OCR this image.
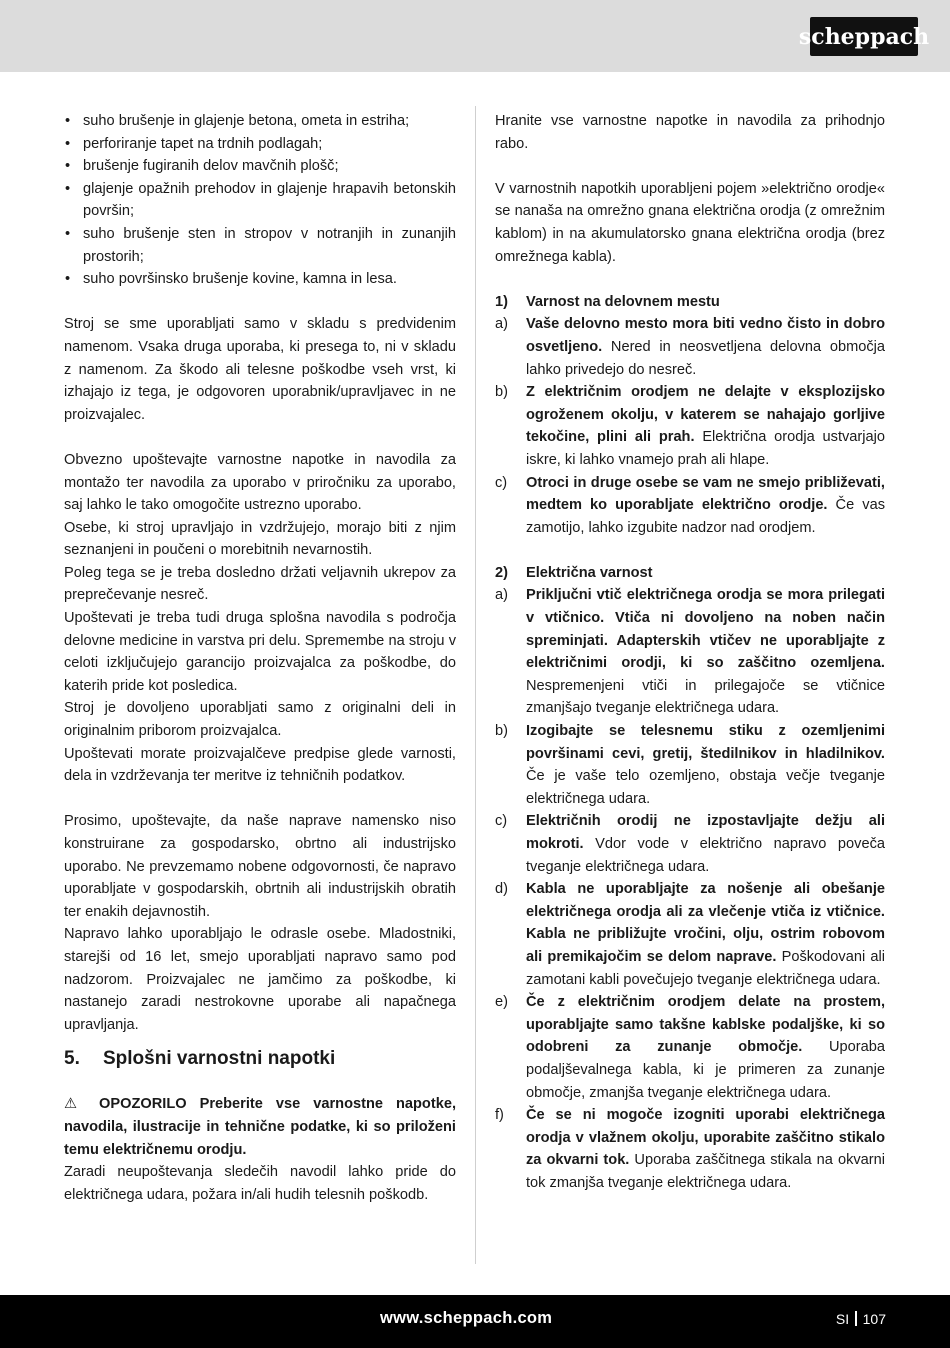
scheppach
• suho brušenje in glajenje betona, ometa in estriha;
• perforiranje tapet na trdnih podlagah;
• brušenje fugiranih delov mavčnih plošč;
• glajenje opažnih prehodov in glajenje hrapavih betonskih površin;
• suho brušenje sten in stropov v notranjih in zunanjih prostorih;
• suho površinsko brušenje kovine, kamna in lesa.

Stroj se sme uporabljati samo v skladu s predvidenim namenom. Vsaka druga uporaba, ki presega to, ni v skladu z namenom. Za škodo ali telesne poškodbe vseh vrst, ki izhajajo iz tega, je odgovoren uporabnik/upravljavec in ne proizvajalec.

Obvezno upoštevajte varnostne napotke in navodila za montažo ter navodila za uporabo v priročniku za uporabo, saj lahko le tako omogočite ustrezno uporabo.

Osebe, ki stroj upravljajo in vzdržujejo, morajo biti z njim seznanjeni in poučeni o morebitnih nevarnostih.

Poleg tega se je treba dosledno držati veljavnih ukrepov za preprečevanje nesreč.

Upoštevati je treba tudi druga splošna navodila s področja delovne medicine in varstva pri delu. Spremembe na stroju v celoti izključujejo garancijo proizvajalca za poškodbe, do katerih pride kot posledica.

Stroj je dovoljeno uporabljati samo z originalni deli in originalnim priborom proizvajalca.

Upoštevati morate proizvajalčeve predpise glede varnosti, dela in vzdrževanja ter meritve iz tehničnih podatkov.

Prosimo, upoštevajte, da naše naprave namensko niso konstruirane za gospodarsko, obrtno ali industrijsko uporabo. Ne prevzemamo nobene odgovornosti, če napravo uporabljate v gospodarskih, obrtnih ali industrijskih obratih ter enakih dejavnostih.

Napravo lahko uporabljajo le odrasle osebe. Mladostniki, starejši od 16 let, smejo uporabljati napravo samo pod nadzorom. Proizvajalec ne jamčimo za poškodbe, ki nastanejo zaradi nestrokovne uporabe ali napačnega upravljanja.

5. Splošni varnostni napotki

⚠ OPOZORILO Preberite vse varnostne napotke, navodila, ilustracije in tehnične podatke, ki so priloženi temu električnemu orodju.

Zaradi neupoštevanja sledečih navodil lahko pride do električnega udara, požara in/ali hudih telesnih poškodb.

Hranite vse varnostne napotke in navodila za prihodnjo rabo.

V varnostnih napotkih uporabljeni pojem »električno orodje« se nanaša na omrežno gnana električna orodja (z omrežnim kablom) in na akumulatorsko gnana električna orodja (brez omrežnega kabla).

1)	Varnost na delovnem mestu
a)	Vaše delovno mesto mora biti vedno čisto in dobro osvetljeno. Nered in neosvetljena delovna območja lahko privedejo do nesreč.
b)	Z električnim orodjem ne delajte v eksplozijsko ogroženem okolju, v katerem se nahajajo gorljive tekočine, plini ali prah. Električna orodja ustvarjajo iskre, ki lahko vnamejo prah ali hlape.
c)	Otroci in druge osebe se vam ne smejo približevati, medtem ko uporabljate električno orodje. Če vas zamotijo, lahko izgubite nadzor nad orodjem.
2)	Električna varnost
a)	Priključni vtič električnega orodja se mora prilegati v vtičnico. Vtiča ni dovoljeno na noben način spreminjati. Adapterskih vtičev ne uporabljajte z električnimi orodji, ki so zaščitno ozemljena. Nespremenjeni vtiči in prilegajoče se vtičnice zmanjšajo tveganje električnega udara.
b)	Izogibajte se telesnemu stiku z ozemljenimi površinami cevi, gretij, štedilnikov in hladilnikov. Če je vaše telo ozemljeno, obstaja večje tveganje električnega udara.
c)	Električnih orodij ne izpostavljajte dežju ali mokroti. Vdor vode v električno napravo poveča tveganje električnega udara.
d)	Kabla ne uporabljajte za nošenje ali obešanje električnega orodja ali za vlečenje vtiča iz vtičnice. Kabla ne približujte vročini, olju, ostrim robovom ali premikajočim se delom naprave. Poškodovani ali zamotani kabli povečujejo tveganje električnega udara.
e)	Če z električnim orodjem delate na prostem, uporabljajte samo takšne kablske podaljške, ki so odobreni za zunanje območje. Uporaba podaljševalnega kabla, ki je primeren za zunanje območje, zmanjša tveganje električnega udara.
f)	Če se ni mogoče izogniti uporabi električnega orodja v vlažnem okolju, uporabite zaščitno stikalo za okvarni tok. Uporaba zaščitnega stikala na okvarni tok zmanjša tveganje električnega udara.
www.scheppach.com	SI 107
